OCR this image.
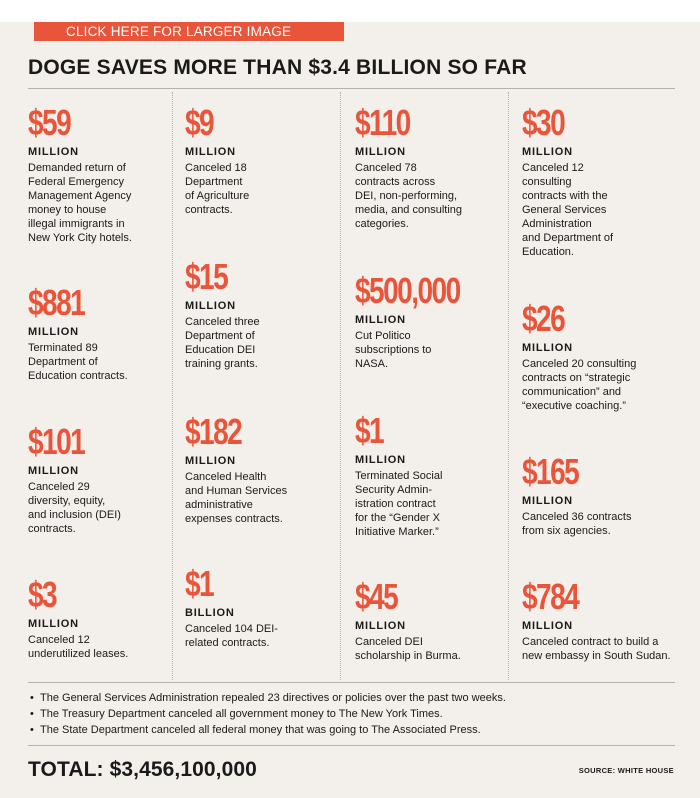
CLICK HERE FOR LARGER IMAGE
DOGE SAVES MORE THAN $3.4 BILLION SO FAR
$59
MILLION
Demanded return of
Federal Emergency
Management Agency
money to house
illegal immigrants in
New York City hotels.
$881
MILLION
Terminated 89
Department of
Education contracts.
$101
MILLION
Canceled 29
diversity, equity,
and inclusion (DEI)
contracts.
$3
MILLION
Canceled 12
underutilized leases.
$9
MILLION
Canceled 18
Department
of Agriculture
contracts.
$15
MILLION
Canceled three
Department of
Education DEI
training grants.
$182
MILLION
Canceled Health
and Human Services
administrative
expenses contracts.
$1
BILLION
Canceled 104 DEI-
related contracts.
$110
MILLION
Canceled 78
contracts across
DEI, non-performing,
media, and consulting
categories.
$500,000
MILLION
Cut Politico
subscriptions to
NASA.
$1
MILLION
Terminated Social
Security Admin-
istration contract
for the “Gender X
Initiative Marker.”
$45
MILLION
Canceled DEI
scholarship in Burma.
$30
MILLION
Canceled 12
consulting
contracts with the
General Services
Administration
and Department of
Education.
$26
MILLION
Canceled 20 consulting
contracts on “strategic
communication” and
“executive coaching.”
$165
MILLION
Canceled 36 contracts
from six agencies.
$784
MILLION
Canceled contract to build a
new embassy in South Sudan.
• The General Services Administration repealed 23 directives or policies over the past two weeks.
• The Treasury Department canceled all government money to The New York Times.
• The State Department canceled all federal money that was going to The Associated Press.
TOTAL: $3,456,100,000	SOURCE: WHITE HOUSE
